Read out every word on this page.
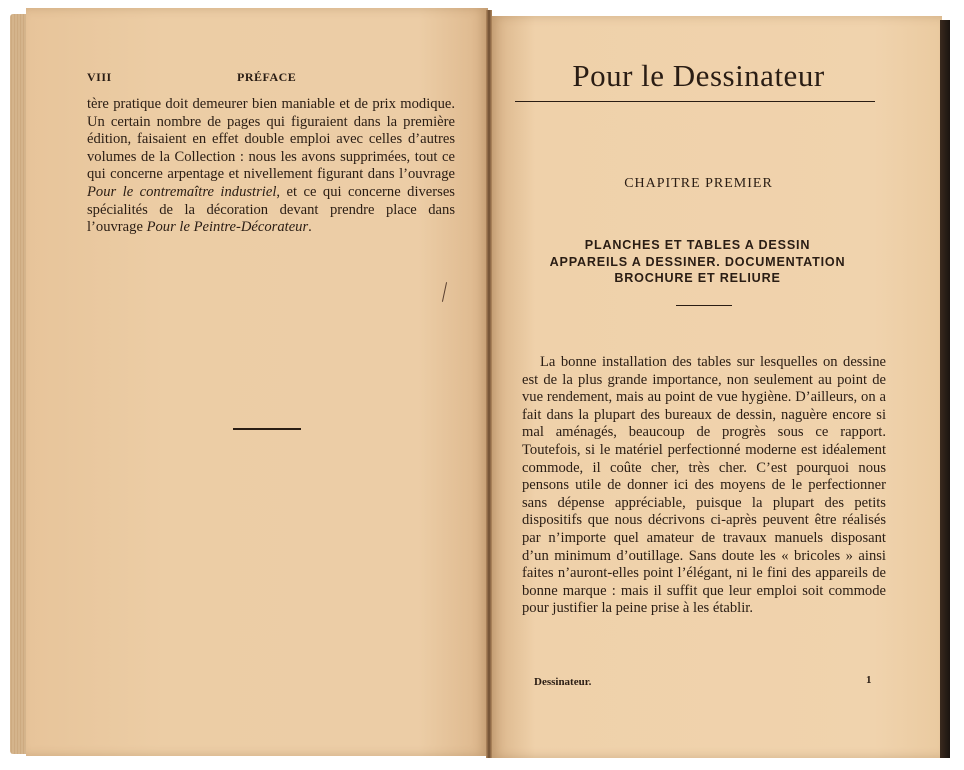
VIII	PRÉFACE

tère pratique doit demeurer bien maniable et de prix modique. Un certain nombre de pages qui figuraient dans la première édition, faisaient en effet double emploi avec celles d’autres volumes de la Collection : nous les avons supprimées, tout ce qui concerne arpentage et nivellement figurant dans l’ouvrage Pour le contremaître industriel, et ce qui concerne diverses spécialités de la décoration devant prendre place dans l’ouvrage Pour le Peintre-Décorateur.

Pour le Dessinateur
CHAPITRE PREMIER
PLANCHES ET TABLES A DESSIN
APPAREILS A DESSINER. DOCUMENTATION
BROCHURE ET RELIURE

La bonne installation des tables sur lesquelles on dessine est de la plus grande importance, non seulement au point de vue rendement, mais au point de vue hygiène. D’ailleurs, on a fait dans la plupart des bureaux de dessin, naguère encore si mal aménagés, beaucoup de progrès sous ce rapport. Toutefois, si le matériel perfectionné moderne est idéalement commode, il coûte cher, très cher. C’est pourquoi nous pensons utile de donner ici des moyens de le perfectionner sans dépense appréciable, puisque la plupart des petits dispositifs que nous décrivons ci-après peuvent être réalisés par n’importe quel amateur de travaux manuels disposant d’un minimum d’outillage. Sans doute les « bricoles » ainsi faites n’auront-elles point l’élégant, ni le fini des appareils de bonne marque : mais il suffit que leur emploi soit commode pour justifier la peine prise à les établir.

Dessinateur.	1
